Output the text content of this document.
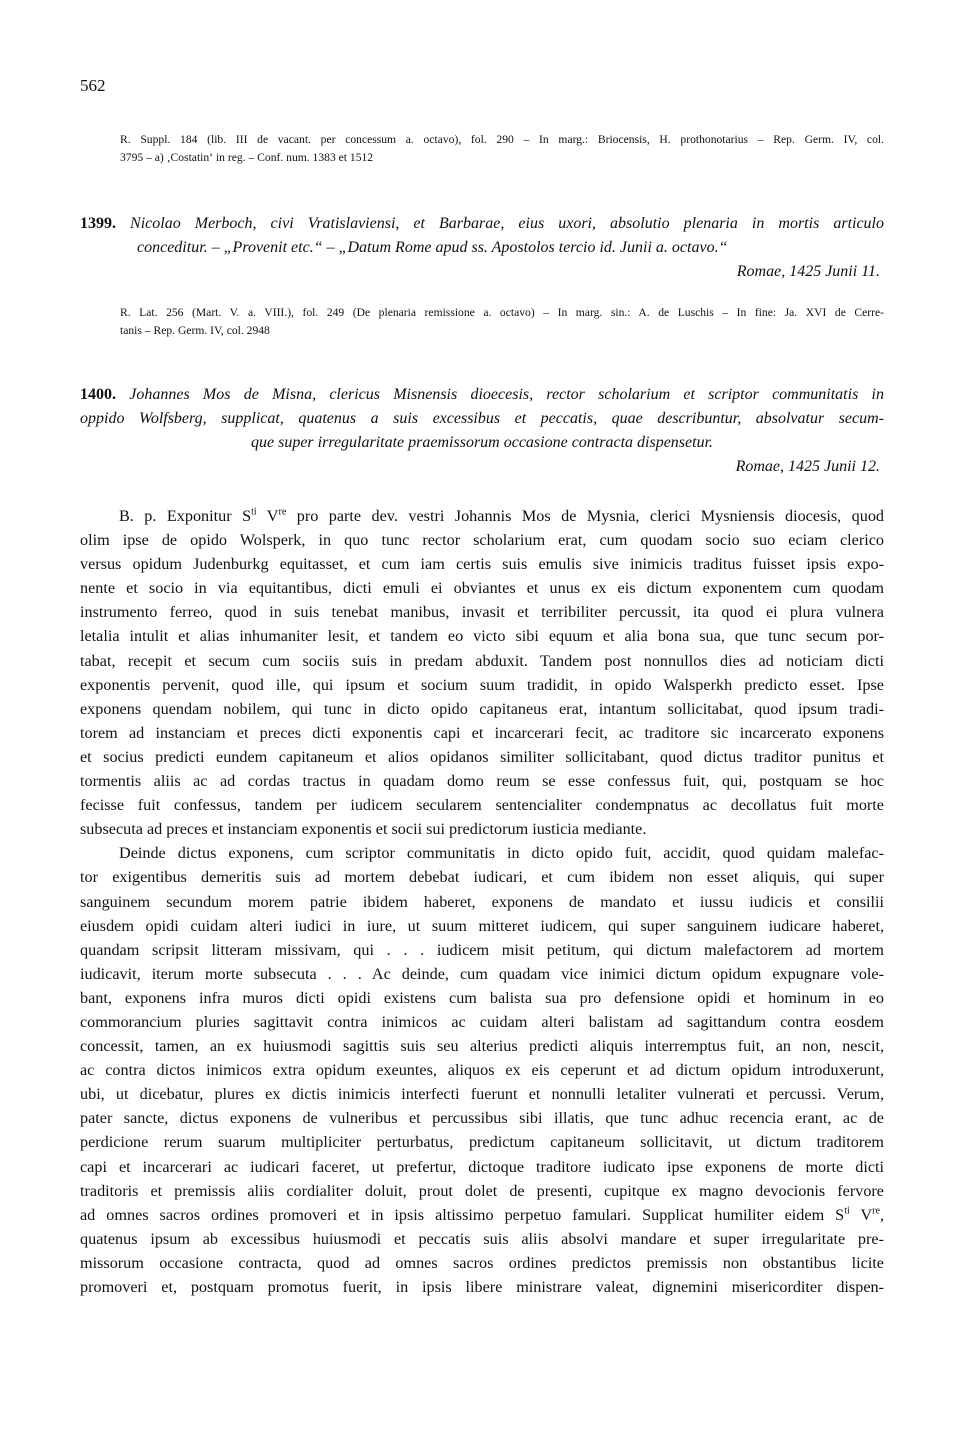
562
R. Suppl. 184 (lib. III de vacant. per concessum a. octavo), fol. 290 – In marg.: Briocensis, H. prothonotarius – Rep. Germ. IV, col.
3795 – a) ‚Costatin‘ in reg. – Conf. num. 1383 et 1512

1399. Nicolao Merboch, civi Vratislaviensi, et Barbarae, eius uxori, absolutio plenaria in mortis articulo

conceditur. – „Provenit etc.“ – „Datum Rome apud ss. Apostolos tercio id. Junii a. octavo.“

Romae, 1425 Junii 11.

R. Lat. 256 (Mart. V. a. VIII.), fol. 249 (De plenaria remissione a. octavo) – In marg. sin.: A. de Luschis – In fine: Ja. XVI de Cerre-
tanis – Rep. Germ. IV, col. 2948

1400. Johannes Mos de Misna, clericus Misnensis dioecesis, rector scholarium et scriptor communitatis in

oppido Wolfsberg, supplicat, quatenus a suis excessibus et peccatis, quae describuntur, absolvatur secum-

que super irregularitate praemissorum occasione contracta dispensetur.

Romae, 1425 Junii 12.

B. p. Exponitur $S^{ti}$ Vre pro parte dev. vestri Johannis Mos de Mysnia, clerici Mysniensis diocesis, quod

olim ipse de opido Wolsperk, in quo tunc rector scholarium erat, cum quodam socio suo eciam clerico
versus opidum Judenburkg equitasset, et cum iam certis suis emulis sive inimicis traditus fuisset ipsis expo-
nente et socio in via equitantibus, dicti emuli ei obviantes et unus ex eis dictum exponentem cum quodam
instrumento ferreo, quod in suis tenebat manibus, invasit et terribiliter percussit, ita quod ei plura vulnera
letalia intulit et alias inhumaniter lesit, et tandem eo victo sibi equum et alia bona sua, que tunc secum por-
tabat, recepit et secum cum sociis suis in predam abduxit. Tandem post nonnullos dies ad noticiam dicti
exponentis pervenit, quod ille, qui ipsum et socium suum tradidit, in opido Walsperkh predicto esset. Ipse
exponens quendam nobilem, qui tunc in dicto opido capitaneus erat, intantum sollicitabat, quod ipsum tradi-
torem ad instanciam et preces dicti exponentis capi et incarcerari fecit, ac traditore sic incarcerato exponens
et socius predicti eundem capitaneum et alios opidanos similiter sollicitabant, quod dictus traditor punitus et
tormentis aliis ac ad cordas tractus in quadam domo reum se esse confessus fuit, qui, postquam se hoc
fecisse fuit confessus, tandem per iudicem secularem sentencialiter condempnatus ac decollatus fuit morte
subsecuta ad preces et instanciam exponentis et socii sui predictorum iusticia mediante.

Deinde dictus exponens, cum scriptor communitatis in dicto opido fuit, accidit, quod quidam malefac-
tor exigentibus demeritis suis ad mortem debebat iudicari, et cum ibidem non esset aliquis, qui super
sanguinem secundum morem patrie ibidem haberet, exponens de mandato et iussu iudicis et consilii
eiusdem opidi cuidam alteri iudici in iure, ut suum mitteret iudicem, qui super sanguinem iudicare haberet,
quandam scripsit litteram missivam, qui . . . iudicem misit petitum, qui dictum malefactorem ad mortem
iudicavit, iterum morte subsecuta . . . Ac deinde, cum quadam vice inimici dictum opidum expugnare vole-
bant, exponens infra muros dicti opidi existens cum balista sua pro defensione opidi et hominum in eo
commorancium pluries sagittavit contra inimicos ac cuidam alteri balistam ad sagittandum contra eosdem
concessit, tamen, an ex huiusmodi sagittis suis seu alterius predicti aliquis interremptus fuit, an non, nescit,
ac contra dictos inimicos extra opidum exeuntes, aliquos ex eis ceperunt et ad dictum opidum introduxerunt,
ubi, ut dicebatur, plures ex dictis inimicis interfecti fuerunt et nonnulli letaliter vulnerati et percussi. Verum,
pater sancte, dictus exponens de vulneribus et percussibus sibi illatis, que tunc adhuc recencia erant, ac de
perdicione rerum suarum multipliciter perturbatus, predictum capitaneum sollicitavit, ut dictum traditorem
capi et incarcerari ac iudicari faceret, ut prefertur, dictoque traditore iudicato ipse exponens de morte dicti
traditoris et premissis aliis cordialiter doluit, prout dolet de presenti, cupitque ex magno devocionis fervore
ad omnes sacros ordines promoveri et in ipsis altissimo perpetuo famulari. Supplicat humiliter eidem $S^{ti}$ Vre,
quatenus ipsum ab excessibus huiusmodi et peccatis suis aliis absolvi mandare et super irregularitate pre-
missorum occasione contracta, quod ad omnes sacros ordines predictos premissis non obstantibus licite
promoveri et, postquam promotus fuerit, in ipsis libere ministrare valeat, dignemini misericorditer dispen-
